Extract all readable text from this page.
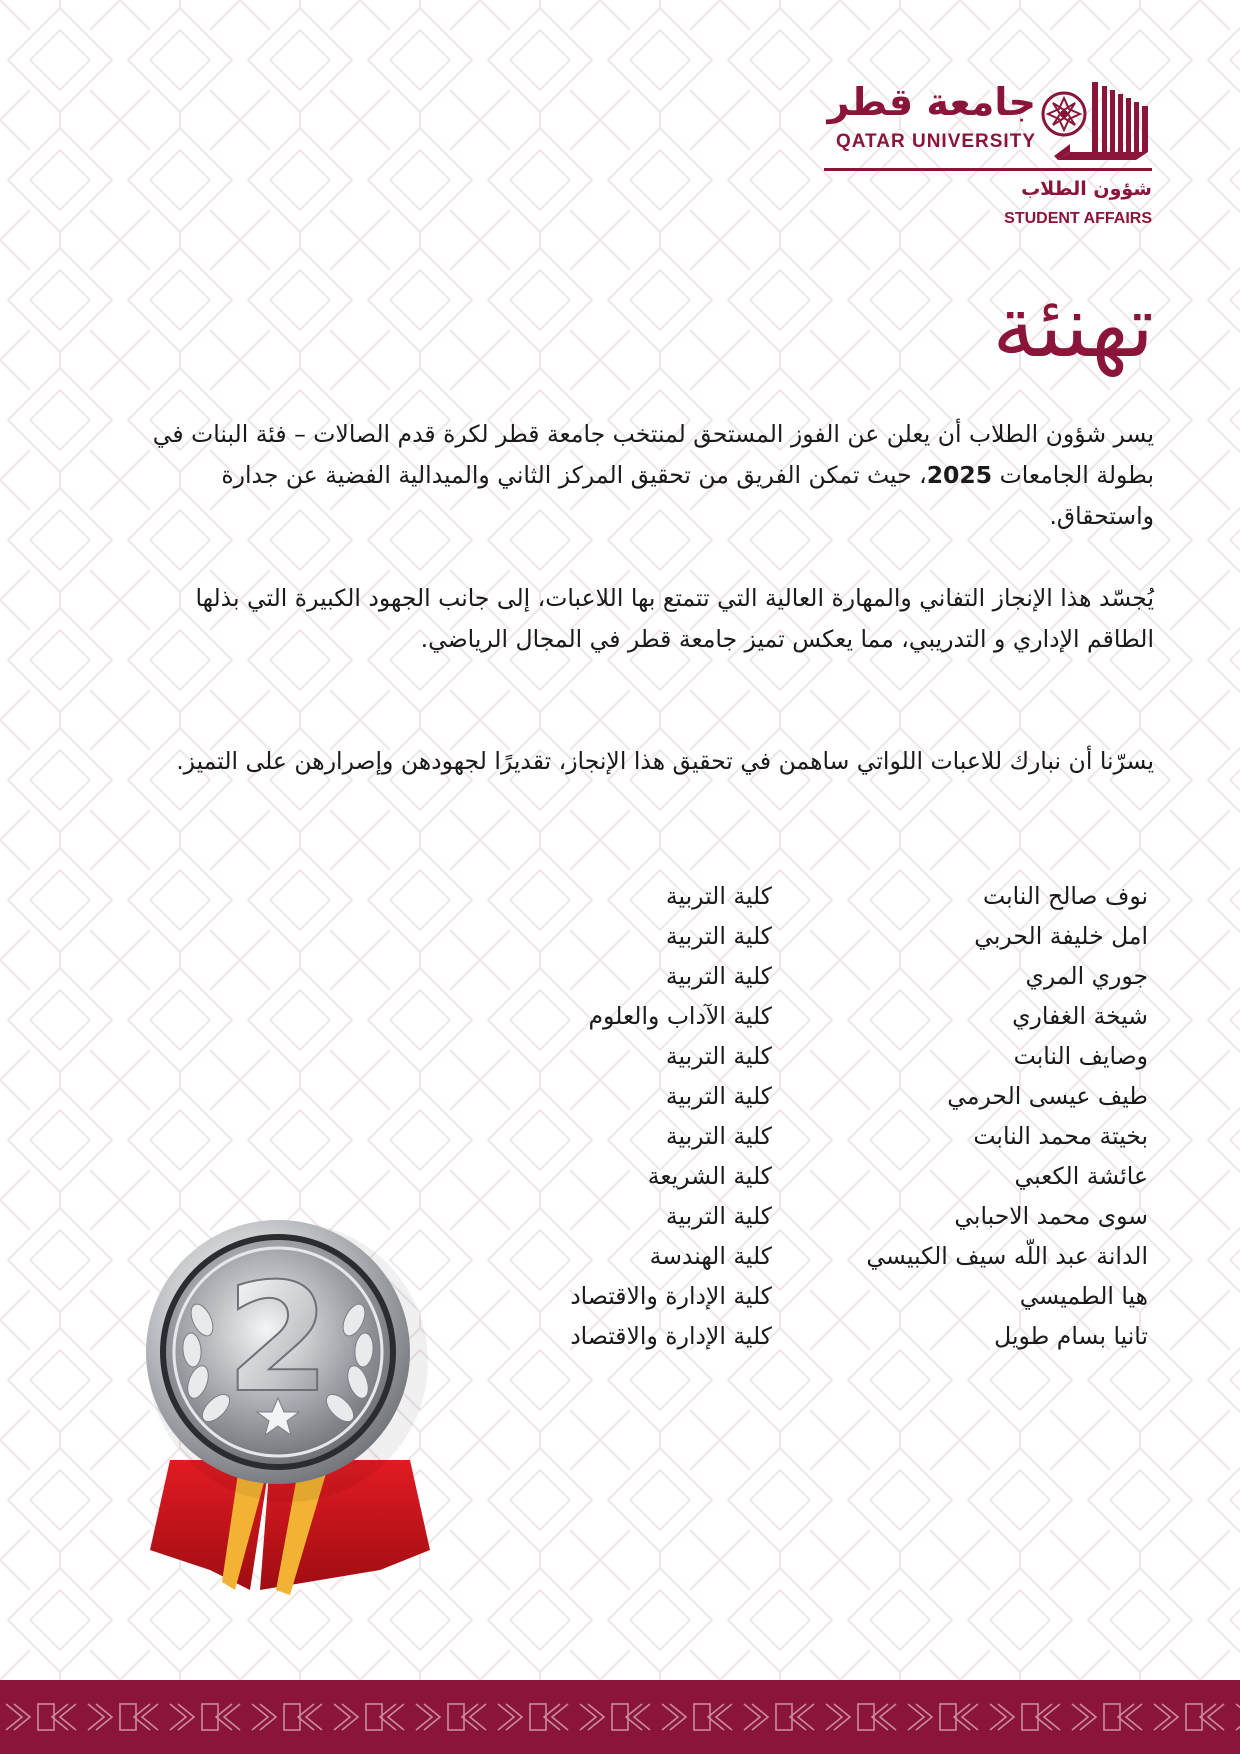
جامعة قطر
QATAR UNIVERSITY
شؤون الطلاب
STUDENT AFFAIRS
تهنئة

يسر شؤون الطلاب أن يعلن عن الفوز المستحق لمنتخب جامعة قطر لكرة قدم الصالات – فئة البنات في بطولة الجامعات 2025، حيث تمكن الفريق من تحقيق المركز الثاني والميدالية الفضية عن جدارة واستحقاق.

يُجسّد هذا الإنجاز التفاني والمهارة العالية التي تتمتع بها اللاعبات، إلى جانب الجهود الكبيرة التي بذلها الطاقم الإداري و التدريبي، مما يعكس تميز جامعة قطر في المجال الرياضي.

يسرّنا أن نبارك للاعبات اللواتي ساهمن في تحقيق هذا الإنجاز، تقديرًا لجهودهن وإصرارهن على التميز.

نوف صالح النابت
كلية التربية
امل خليفة الحربي
كلية التربية
جوري المري
كلية التربية
شيخة الغفاري
كلية الآداب والعلوم
وصايف النابت
كلية التربية
طيف عيسى الحرمي
كلية التربية
بخيتة محمد النابت
كلية التربية
عائشة الكعبي
كلية الشريعة
سوى محمد الاحبابي
كلية التربية
الدانة عبد اللّه سيف الكبيسي
كلية الهندسة
هيا الطميسي
كلية الإدارة والاقتصاد
تانيا بسام طويل
كلية الإدارة والاقتصاد
2
